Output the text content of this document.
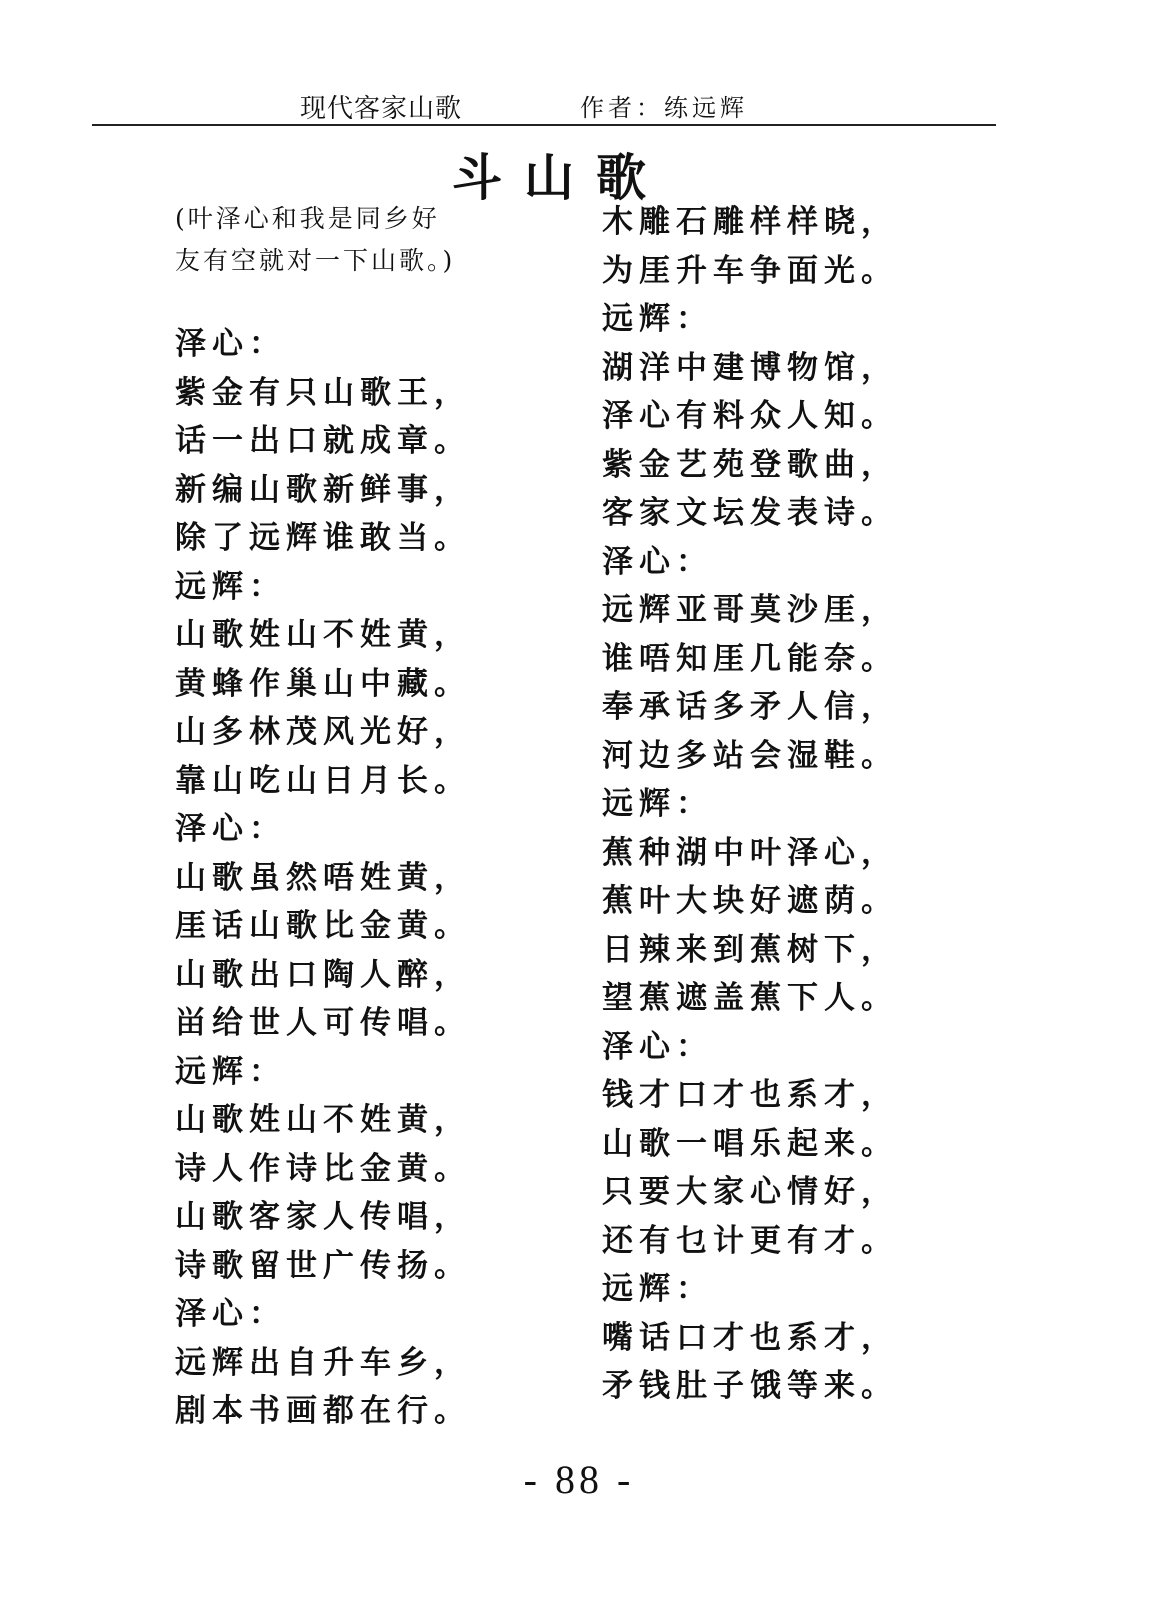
现代客家山歌	作者：练远辉
斗山歌
(叶泽心和我是同乡好
友有空就对一下山歌。)
泽心：
紫金有只山歌王，
话一出口就成章。
新编山歌新鲜事，
除了远辉谁敢当。
远辉：
山歌姓山不姓黄，
黄蜂作巢山中藏。
山多林茂风光好，
靠山吃山日月长。
泽心：
山歌虽然唔姓黄，
厓话山歌比金黄。
山歌出口陶人醉，
畄给世人可传唱。
远辉：
山歌姓山不姓黄，
诗人作诗比金黄。
山歌客家人传唱，
诗歌留世广传扬。
泽心：
远辉出自升车乡，
剧本书画都在行。
木雕石雕样样晓，
为厓升车争面光。
远辉：
湖洋中建博物馆，
泽心有料众人知。
紫金艺苑登歌曲，
客家文坛发表诗。
泽心：
远辉亚哥莫沙厓，
谁唔知厓几能奈。
奉承话多矛人信，
河边多站会湿鞋。
远辉：
蕉种湖中叶泽心，
蕉叶大块好遮荫。
日辣来到蕉树下，
望蕉遮盖蕉下人。
泽心：
钱才口才也系才，
山歌一唱乐起来。
只要大家心情好，
还有乜计更有才。
远辉：
嘴话口才也系才，
矛钱肚子饿等来。
- 88 -
